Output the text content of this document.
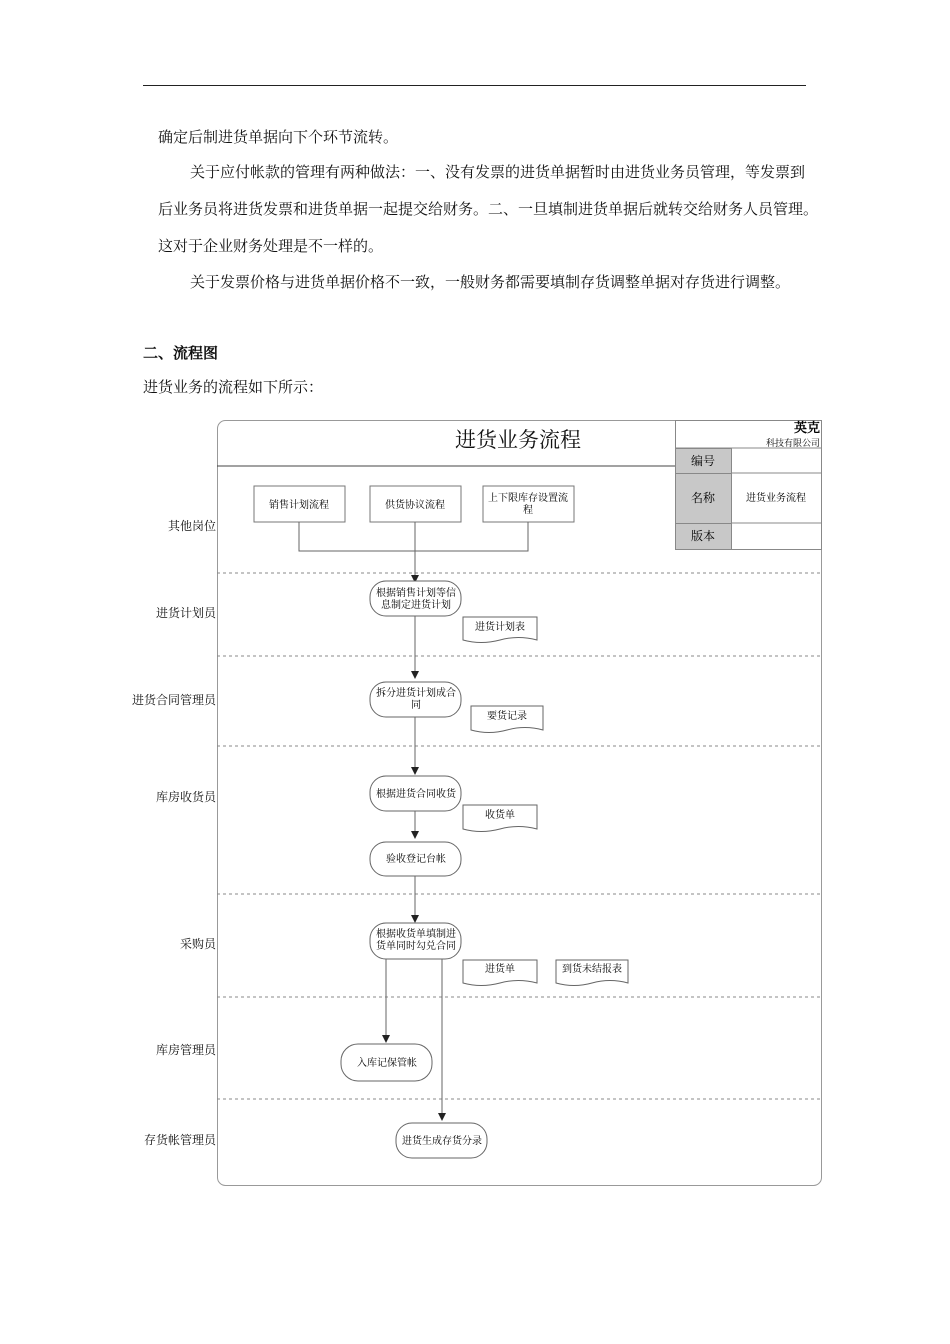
确定后制进货单据向下个环节流转。

关于应付帐款的管理有两种做法：一、没有发票的进货单据暂时由进货业务员管理，等发票到后业务员将进货发票和进货单据一起提交给财务。二、一旦填制进货单据后就转交给财务人员管理。这对于企业财务处理是不一样的。

关于发票价格与进货单据价格不一致，一般财务都需要填制存货调整单据对存货进行调整。

二、流程图
进货业务的流程如下所示：
进货业务流程	英克
科技有限公司
编号
名称	进货业务流程
版本
销售计划流程	供货协议流程
上下限库存设置流
程
根据销售计划等信
息制定进货计划
拆分进货计划成合
同
根据进货合同收货
验收登记台帐
根据收货单填制进
货单同时勾兑合同
入库记保管帐
进货生成存货分录
进货计划表
要货记录
收货单
进货单	到货未结报表
其他岗位
进货计划员
进货合同管理员
库房收货员
采购员
库房管理员
存货帐管理员
